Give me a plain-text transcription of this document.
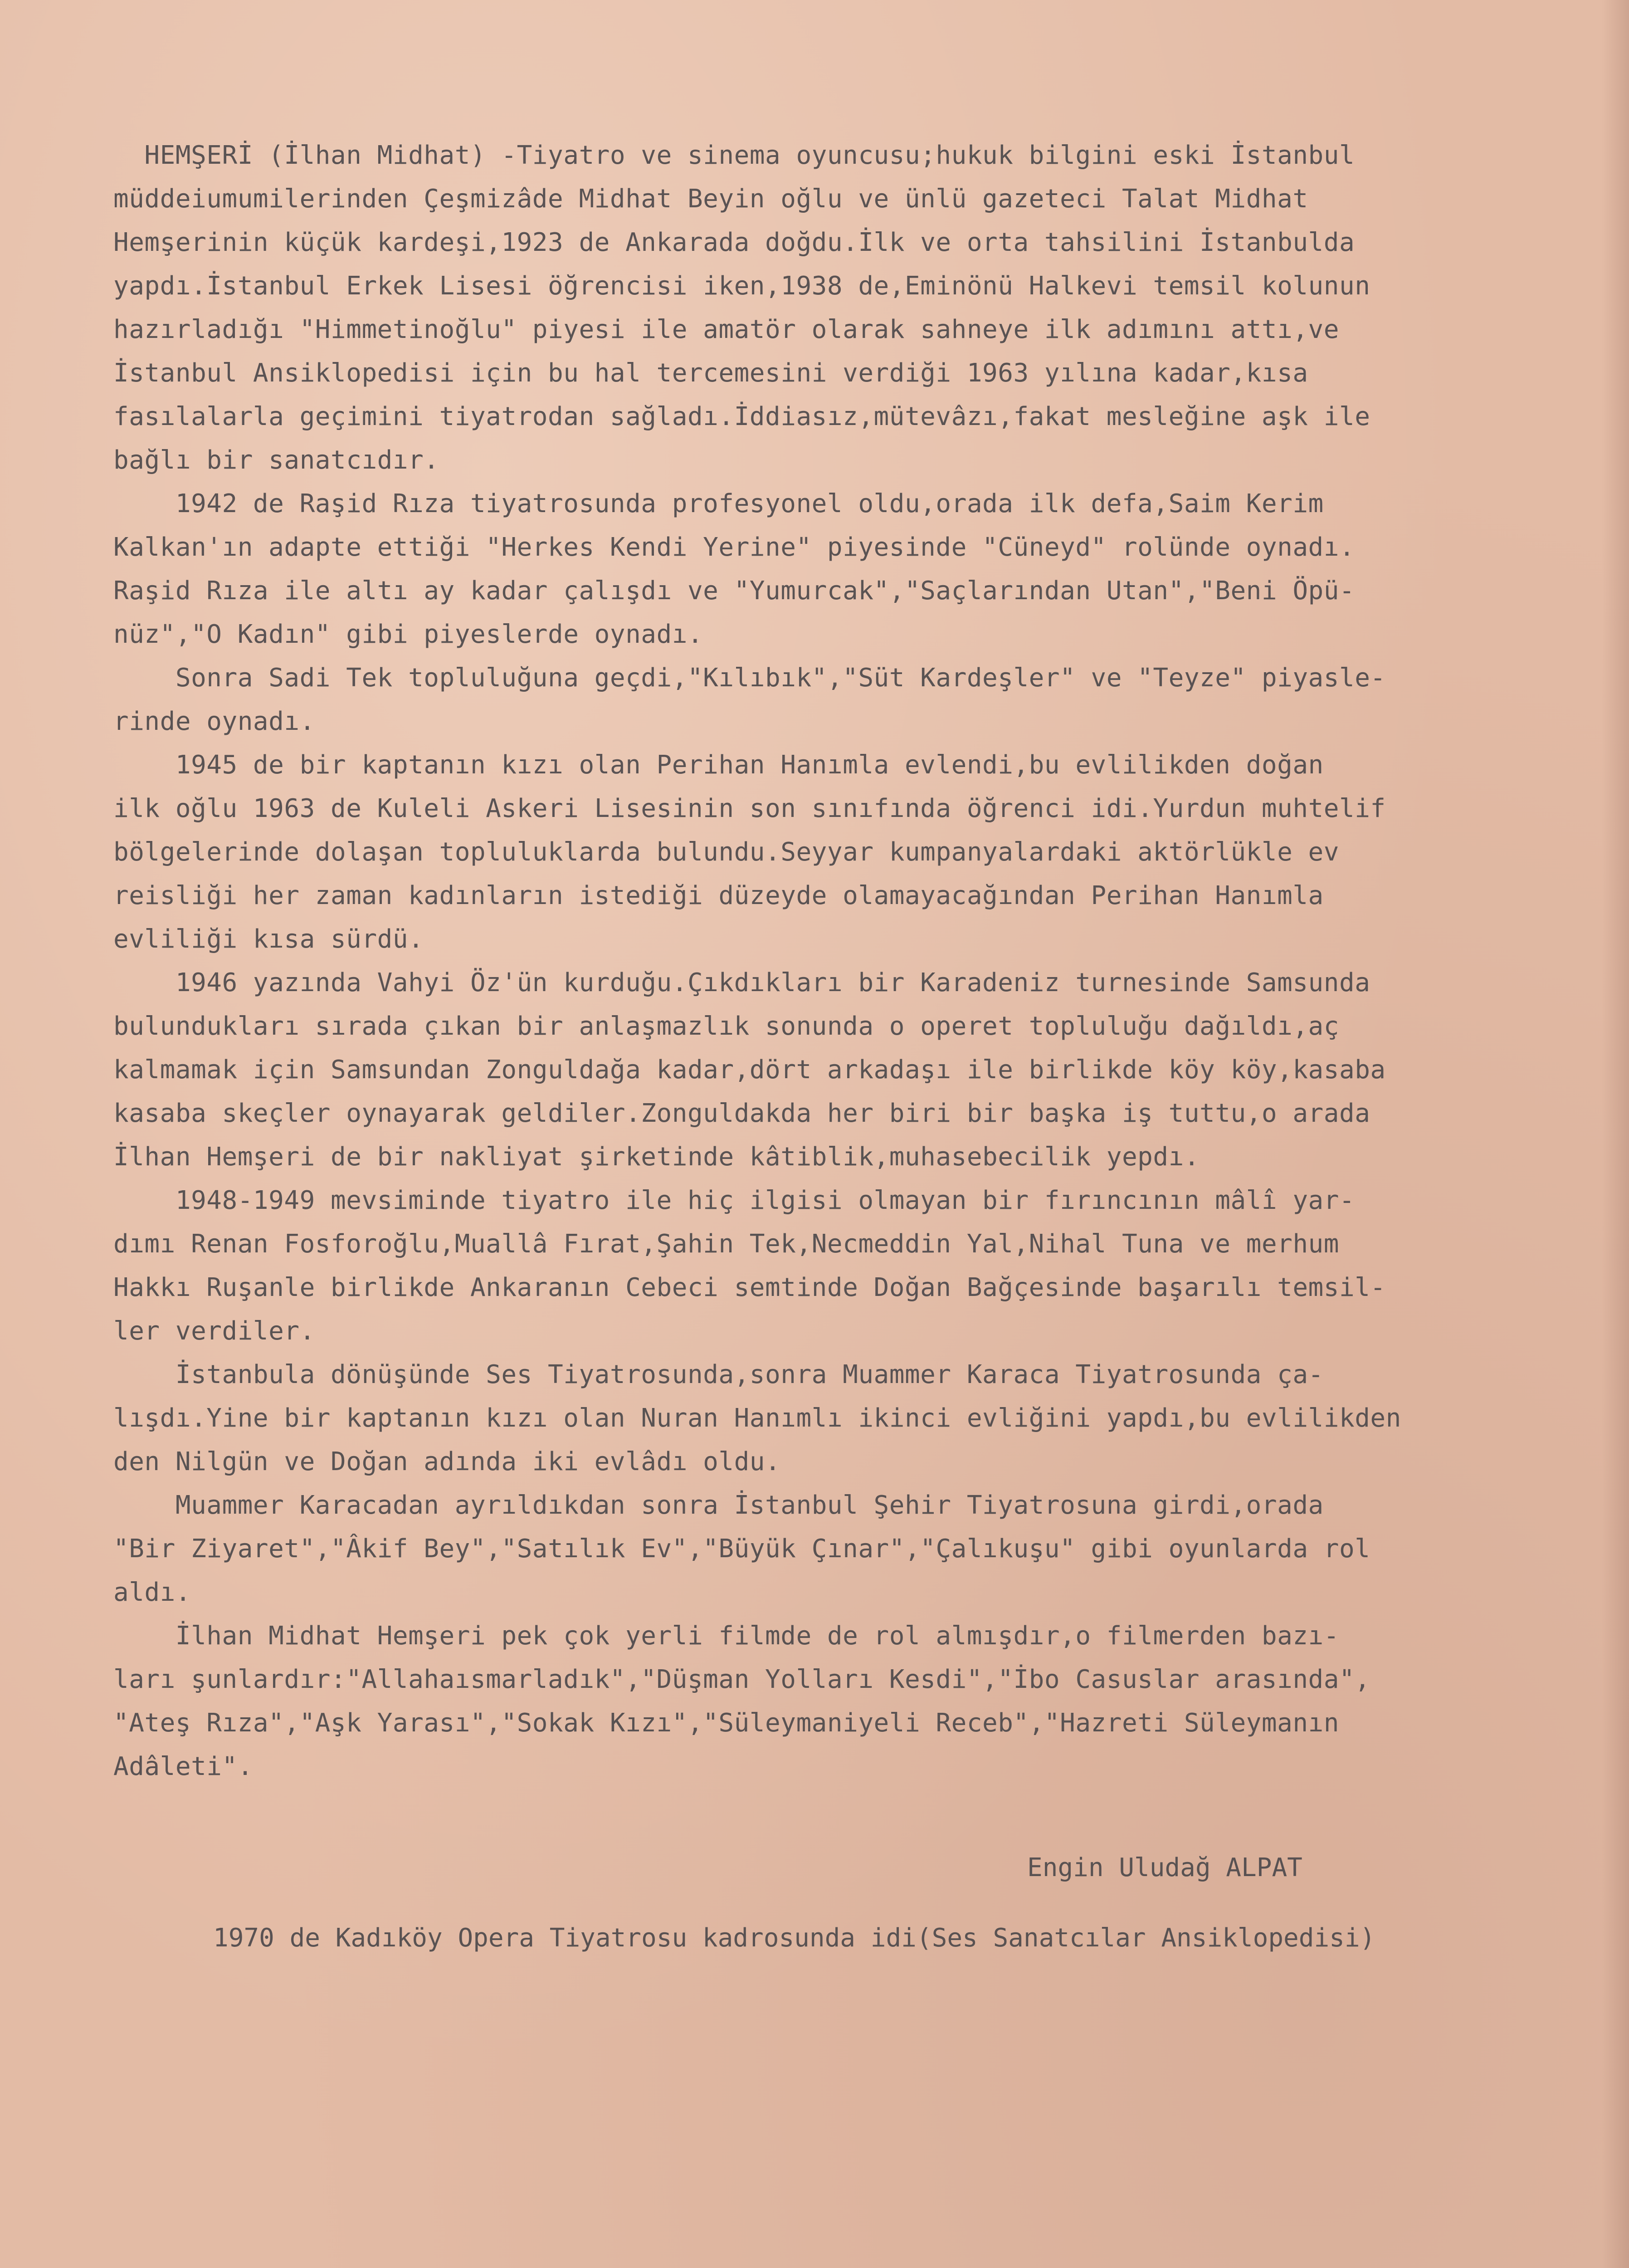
HEMŞERİ (İlhan Midhat) -Tiyatro ve sinema oyuncusu;hukuk bilgini eski İstanbul
müddeiumumilerinden Çeşmizâde Midhat Beyin oğlu ve ünlü gazeteci Talat Midhat
Hemşerinin küçük kardeşi,1923 de Ankarada doğdu.İlk ve orta tahsilini İstanbulda
yapdı.İstanbul Erkek Lisesi öğrencisi iken,1938 de,Eminönü Halkevi temsil kolunun
hazırladığı "Himmetinoğlu" piyesi ile amatör olarak sahneye ilk adımını attı,ve
İstanbul Ansiklopedisi için bu hal tercemesini verdiği 1963 yılına kadar,kısa
fasılalarla geçimini tiyatrodan sağladı.İddiasız,mütevâzı,fakat mesleğine aşk ile
bağlı bir sanatcıdır.
1942 de Raşid Rıza tiyatrosunda profesyonel oldu,orada ilk defa,Saim Kerim
Kalkan'ın adapte ettiği "Herkes Kendi Yerine" piyesinde "Cüneyd" rolünde oynadı.
Raşid Rıza ile altı ay kadar çalışdı ve "Yumurcak","Saçlarından Utan","Beni Öpü-
nüz","O Kadın" gibi piyeslerde oynadı.
Sonra Sadi Tek topluluğuna geçdi,"Kılıbık","Süt Kardeşler" ve "Teyze" piyasle-
rinde oynadı.
1945 de bir kaptanın kızı olan Perihan Hanımla evlendi,bu evlilikden doğan
ilk oğlu 1963 de Kuleli Askeri Lisesinin son sınıfında öğrenci idi.Yurdun muhtelif
bölgelerinde dolaşan topluluklarda bulundu.Seyyar kumpanyalardaki aktörlükle ev
reisliği her zaman kadınların istediği düzeyde olamayacağından Perihan Hanımla
evliliği kısa sürdü.
1946 yazında Vahyi Öz'ün kurduğu.Çıkdıkları bir Karadeniz turnesinde Samsunda
bulundukları sırada çıkan bir anlaşmazlık sonunda o operet topluluğu dağıldı,aç
kalmamak için Samsundan Zonguldağa kadar,dört arkadaşı ile birlikde köy köy,kasaba
kasaba skeçler oynayarak geldiler.Zonguldakda her biri bir başka iş tuttu,o arada
İlhan Hemşeri de bir nakliyat şirketinde kâtiblik,muhasebecilik yepdı.
1948-1949 mevsiminde tiyatro ile hiç ilgisi olmayan bir fırıncının mâlî yar-
dımı Renan Fosforoğlu,Muallâ Fırat,Şahin Tek,Necmeddin Yal,Nihal Tuna ve merhum
Hakkı Ruşanle birlikde Ankaranın Cebeci semtinde Doğan Bağçesinde başarılı temsil-
ler verdiler.
İstanbula dönüşünde Ses Tiyatrosunda,sonra Muammer Karaca Tiyatrosunda ça-
lışdı.Yine bir kaptanın kızı olan Nuran Hanımlı ikinci evliğini yapdı,bu evlilikden
den Nilgün ve Doğan adında iki evlâdı oldu.
Muammer Karacadan ayrıldıkdan sonra İstanbul Şehir Tiyatrosuna girdi,orada
"Bir Ziyaret","Âkif Bey","Satılık Ev","Büyük Çınar","Çalıkuşu" gibi oyunlarda rol
aldı.
İlhan Midhat Hemşeri pek çok yerli filmde de rol almışdır,o filmerden bazı-
ları şunlardır:"Allahaısmarladık","Düşman Yolları Kesdi","İbo Casuslar arasında",
"Ateş Rıza","Aşk Yarası","Sokak Kızı","Süleymaniyeli Receb","Hazreti Süleymanın
Adâleti".
Engin Uludağ ALPAT
1970 de Kadıköy Opera Tiyatrosu kadrosunda idi(Ses Sanatcılar Ansiklopedisi)
